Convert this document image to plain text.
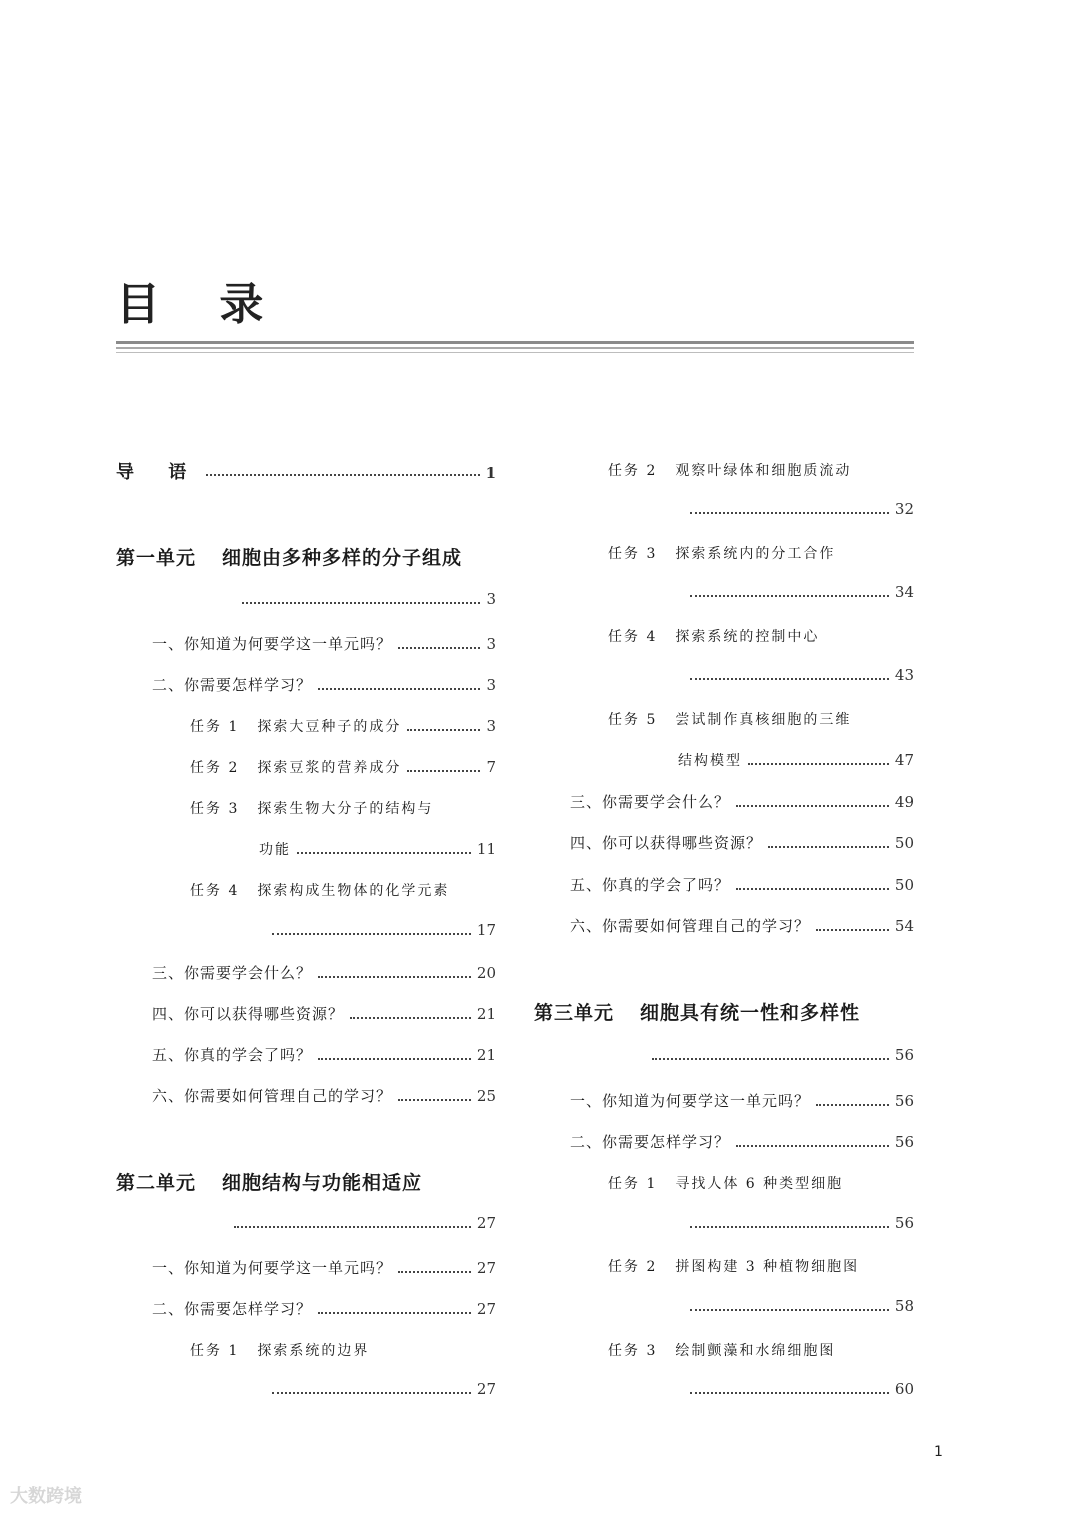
目 录
导 语	1
第一单元 细胞由多种多样的分子组成
3
一、你知道为何要学这一单元吗？	3
二、你需要怎样学习？	3
任务 1 探索大豆种子的成分	3
任务 2 探索豆浆的营养成分	7
任务 3 探索生物大分子的结构与
功能	11
任务 4 探索构成生物体的化学元素
17
三、你需要学会什么？	20
四、你可以获得哪些资源？	21
五、你真的学会了吗？	21
六、你需要如何管理自己的学习？	25
第二单元 细胞结构与功能相适应
27
一、你知道为何要学这一单元吗？	27
二、你需要怎样学习？	27
任务 1 探索系统的边界
27
任务 2 观察叶绿体和细胞质流动
32
任务 3 探索系统内的分工合作
34
任务 4 探索系统的控制中心
43
任务 5 尝试制作真核细胞的三维
结构模型	47
三、你需要学会什么？	49
四、你可以获得哪些资源？	50
五、你真的学会了吗？	50
六、你需要如何管理自己的学习？	54
第三单元 细胞具有统一性和多样性
56
一、你知道为何要学这一单元吗？	56
二、你需要怎样学习？	56
任务 1 寻找人体 6 种类型细胞
56
任务 2 拼图构建 3 种植物细胞图
58
任务 3 绘制颤藻和水绵细胞图
60
1
大数跨境
